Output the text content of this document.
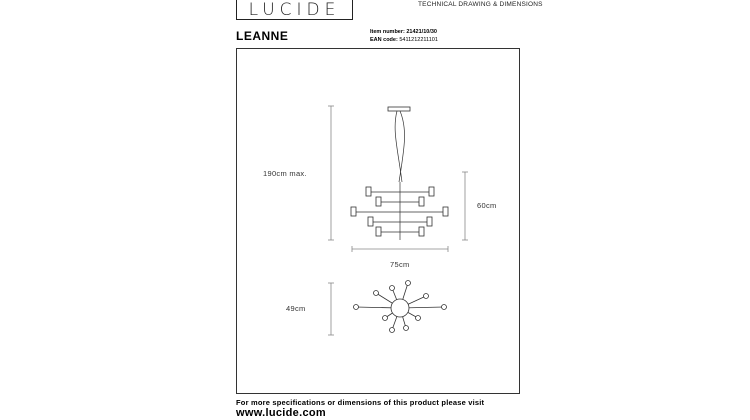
LUCIDE	TECHNICAL DRAWING & DIMENSIONS
LEANNE	Item number: 21421/10/30
EAN code: 5411212211101
190cm max.
60cm
75cm
49cm
For more specifications or dimensions of this product please visit
www.lucide.com
